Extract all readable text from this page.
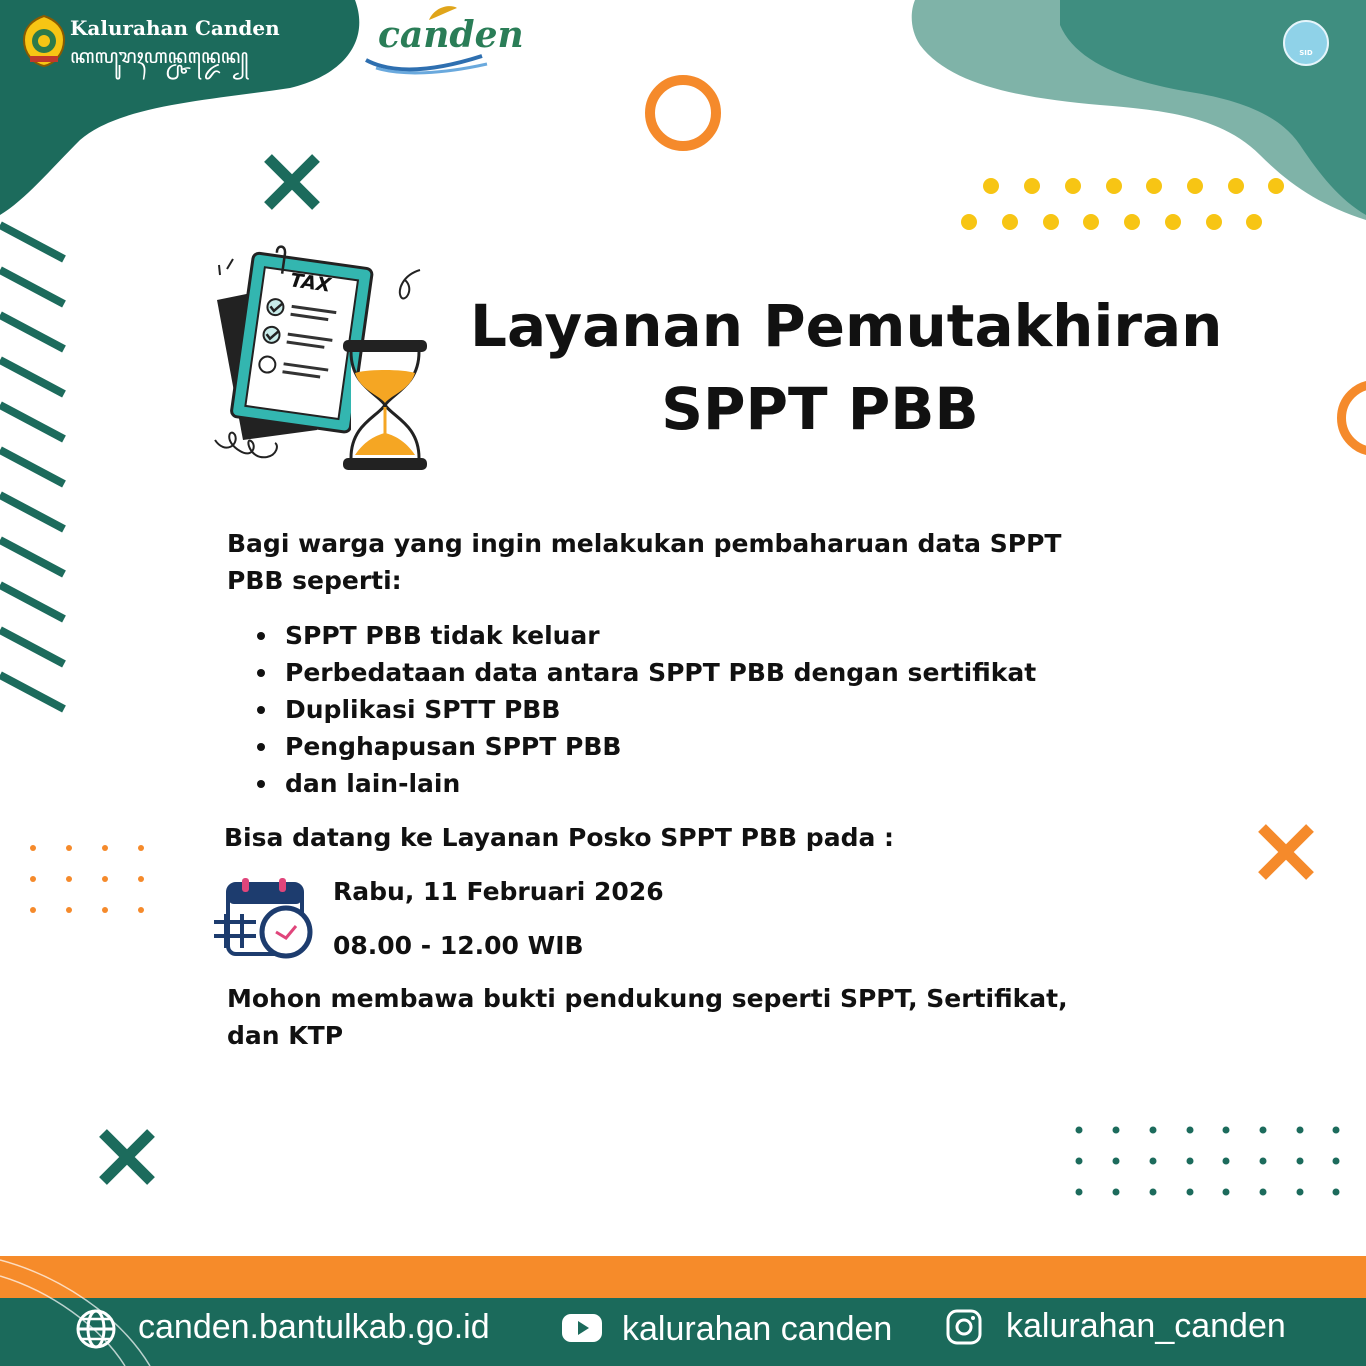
Kalurahan Canden
ꦏꦭꦸꦫꦃꦲꦤ꧀ꦕꦤ꧀ꦢꦺꦤ꧀	canden	SID
TAX
Layanan Pemutakhiran
SPPT PBB
Bagi warga yang ingin melakukan pembaharuan data SPPT PBB seperti:
SPPT PBB tidak keluar
Perbedataan data antara SPPT PBB dengan sertifikat
Duplikasi SPTT PBB
Penghapusan SPPT PBB
dan lain-lain
Bisa datang ke Layanan Posko SPPT PBB pada :
Rabu, 11 Februari 2026
08.00 - 12.00 WIB
Mohon membawa bukti pendukung seperti SPPT, Sertifikat, dan KTP
canden.bantulkab.go.id	kalurahan canden	kalurahan_canden
